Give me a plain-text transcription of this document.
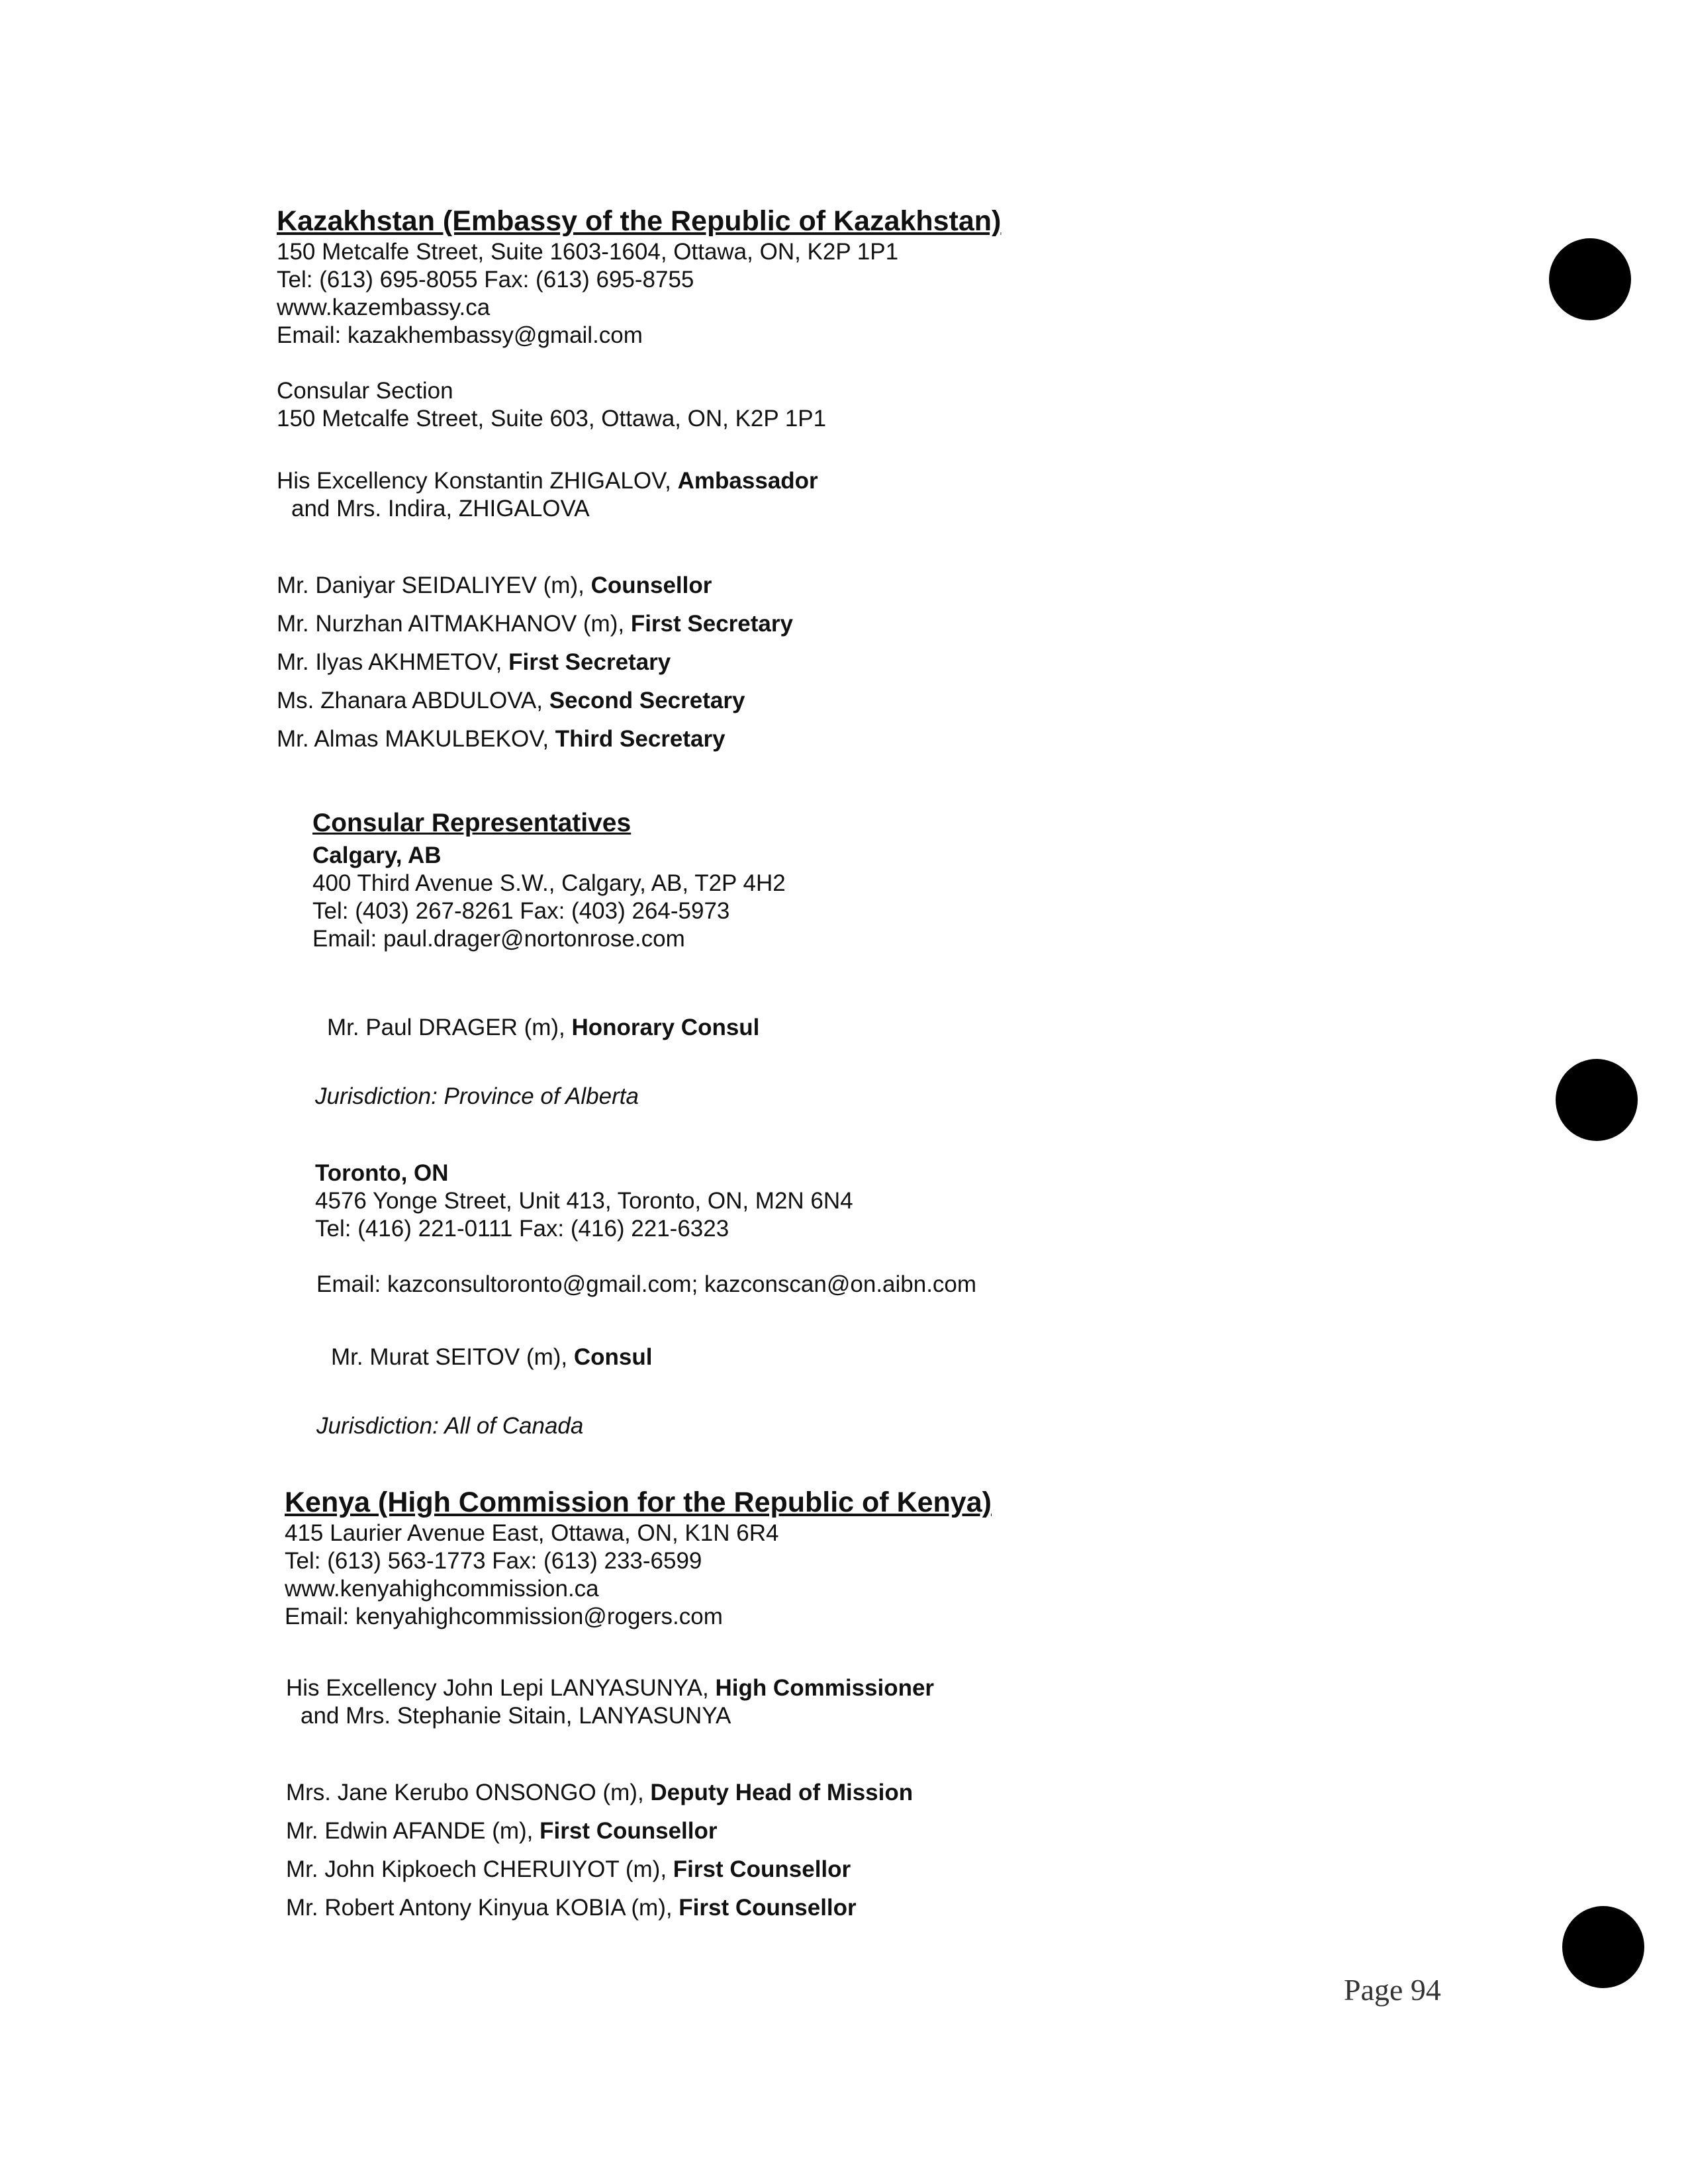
Kazakhstan (Embassy of the Republic of Kazakhstan)
150 Metcalfe Street, Suite 1603-1604, Ottawa, ON, K2P 1P1
Tel: (613) 695-8055 Fax: (613) 695-8755
www.kazembassy.ca
Email: kazakhembassy@gmail.com
Consular Section
150 Metcalfe Street, Suite 603, Ottawa, ON, K2P 1P1
His Excellency Konstantin ZHIGALOV, Ambassador
and Mrs. Indira, ZHIGALOVA
Mr. Daniyar SEIDALIYEV (m), Counsellor
Mr. Nurzhan AITMAKHANOV (m), First Secretary
Mr. Ilyas AKHMETOV, First Secretary
Ms. Zhanara ABDULOVA, Second Secretary
Mr. Almas MAKULBEKOV, Third Secretary
Consular Representatives
Calgary, AB
400 Third Avenue S.W., Calgary, AB, T2P 4H2
Tel: (403) 267-8261 Fax: (403) 264-5973
Email: paul.drager@nortonrose.com
Mr. Paul DRAGER (m), Honorary Consul
Jurisdiction: Province of Alberta
Toronto, ON
4576 Yonge Street, Unit 413, Toronto, ON, M2N 6N4
Tel: (416) 221-0111 Fax: (416) 221-6323
Email: kazconsultoronto@gmail.com; kazconscan@on.aibn.com
Mr. Murat SEITOV (m), Consul
Jurisdiction: All of Canada
Kenya (High Commission for the Republic of Kenya)
415 Laurier Avenue East, Ottawa, ON, K1N 6R4
Tel: (613) 563-1773 Fax: (613) 233-6599
www.kenyahighcommission.ca
Email: kenyahighcommission@rogers.com
His Excellency John Lepi LANYASUNYA, High Commissioner
and Mrs. Stephanie Sitain, LANYASUNYA
Mrs. Jane Kerubo ONSONGO (m), Deputy Head of Mission
Mr. Edwin AFANDE (m), First Counsellor
Mr. John Kipkoech CHERUIYOT (m), First Counsellor
Mr. Robert Antony Kinyua KOBIA (m), First Counsellor
Page 94
